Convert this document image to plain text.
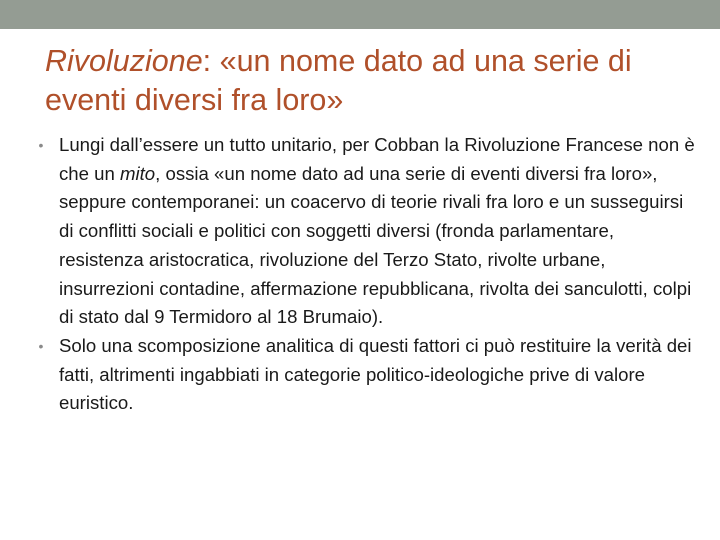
Rivoluzione: «un nome dato ad una serie di eventi diversi fra loro»
• Lungi dall’essere un tutto unitario, per Cobban la Rivoluzione Francese non è che un mito, ossia «un nome dato ad una serie di eventi diversi fra loro», seppure contemporanei: un coacervo di teorie rivali fra loro e un susseguirsi di conflitti sociali e politici con soggetti diversi (fronda parlamentare, resistenza aristocratica, rivoluzione del Terzo Stato, rivolte urbane, insurrezioni contadine, affermazione repubblicana, rivolta dei sanculotti, colpi di stato dal 9 Termidoro al 18 Brumaio).
• Solo una scomposizione analitica di questi fattori ci può restituire la verità dei fatti, altrimenti ingabbiati in categorie politico-ideologiche prive di valore euristico.
